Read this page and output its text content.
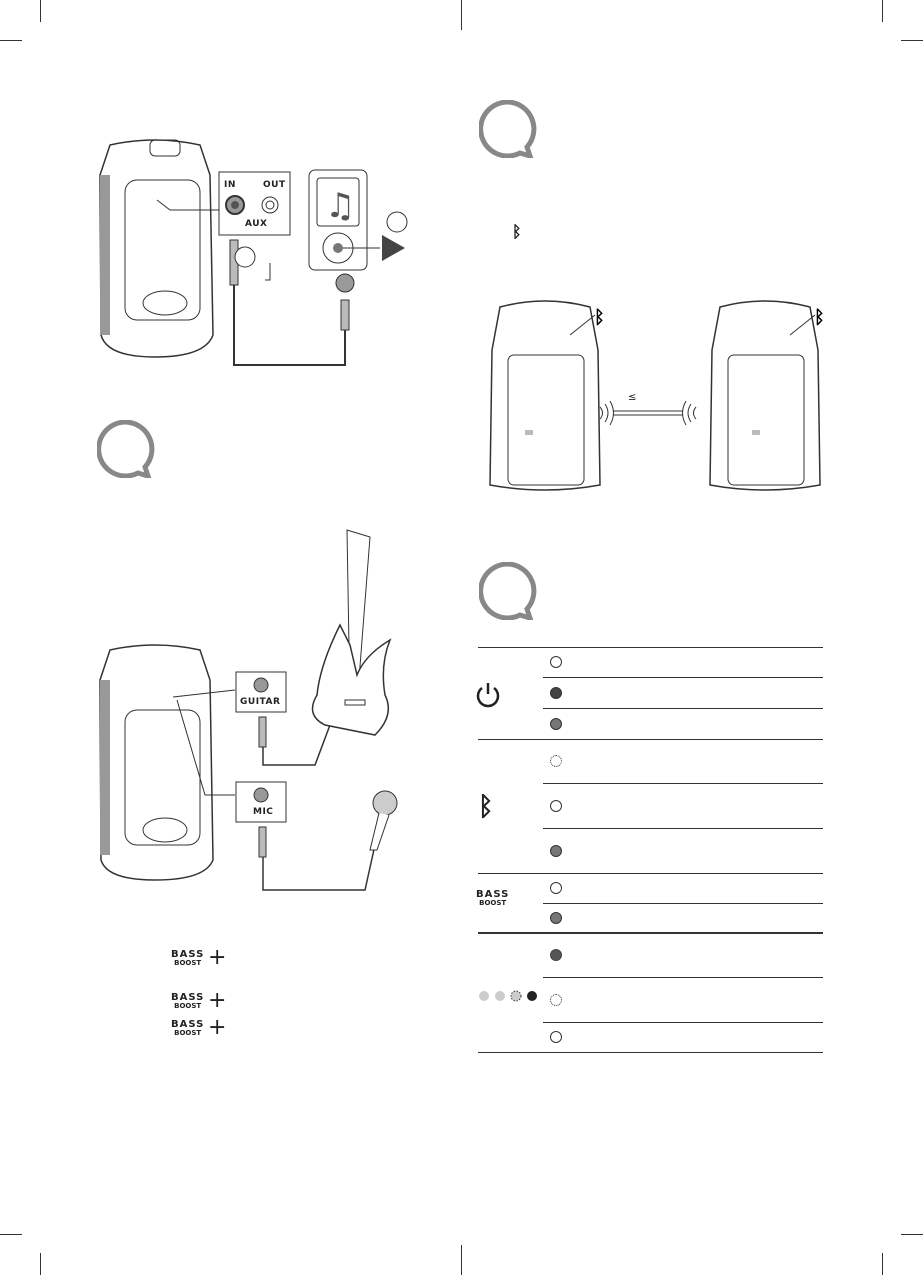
♫
IN	OUT
AUX
ᛒ	ᛒ
≤
ᛒ
GUITAR
MIC
BASS
BOOST +
BASS
BOOST +
BASS
BOOST +
ᛒ
BASS
BOOST
